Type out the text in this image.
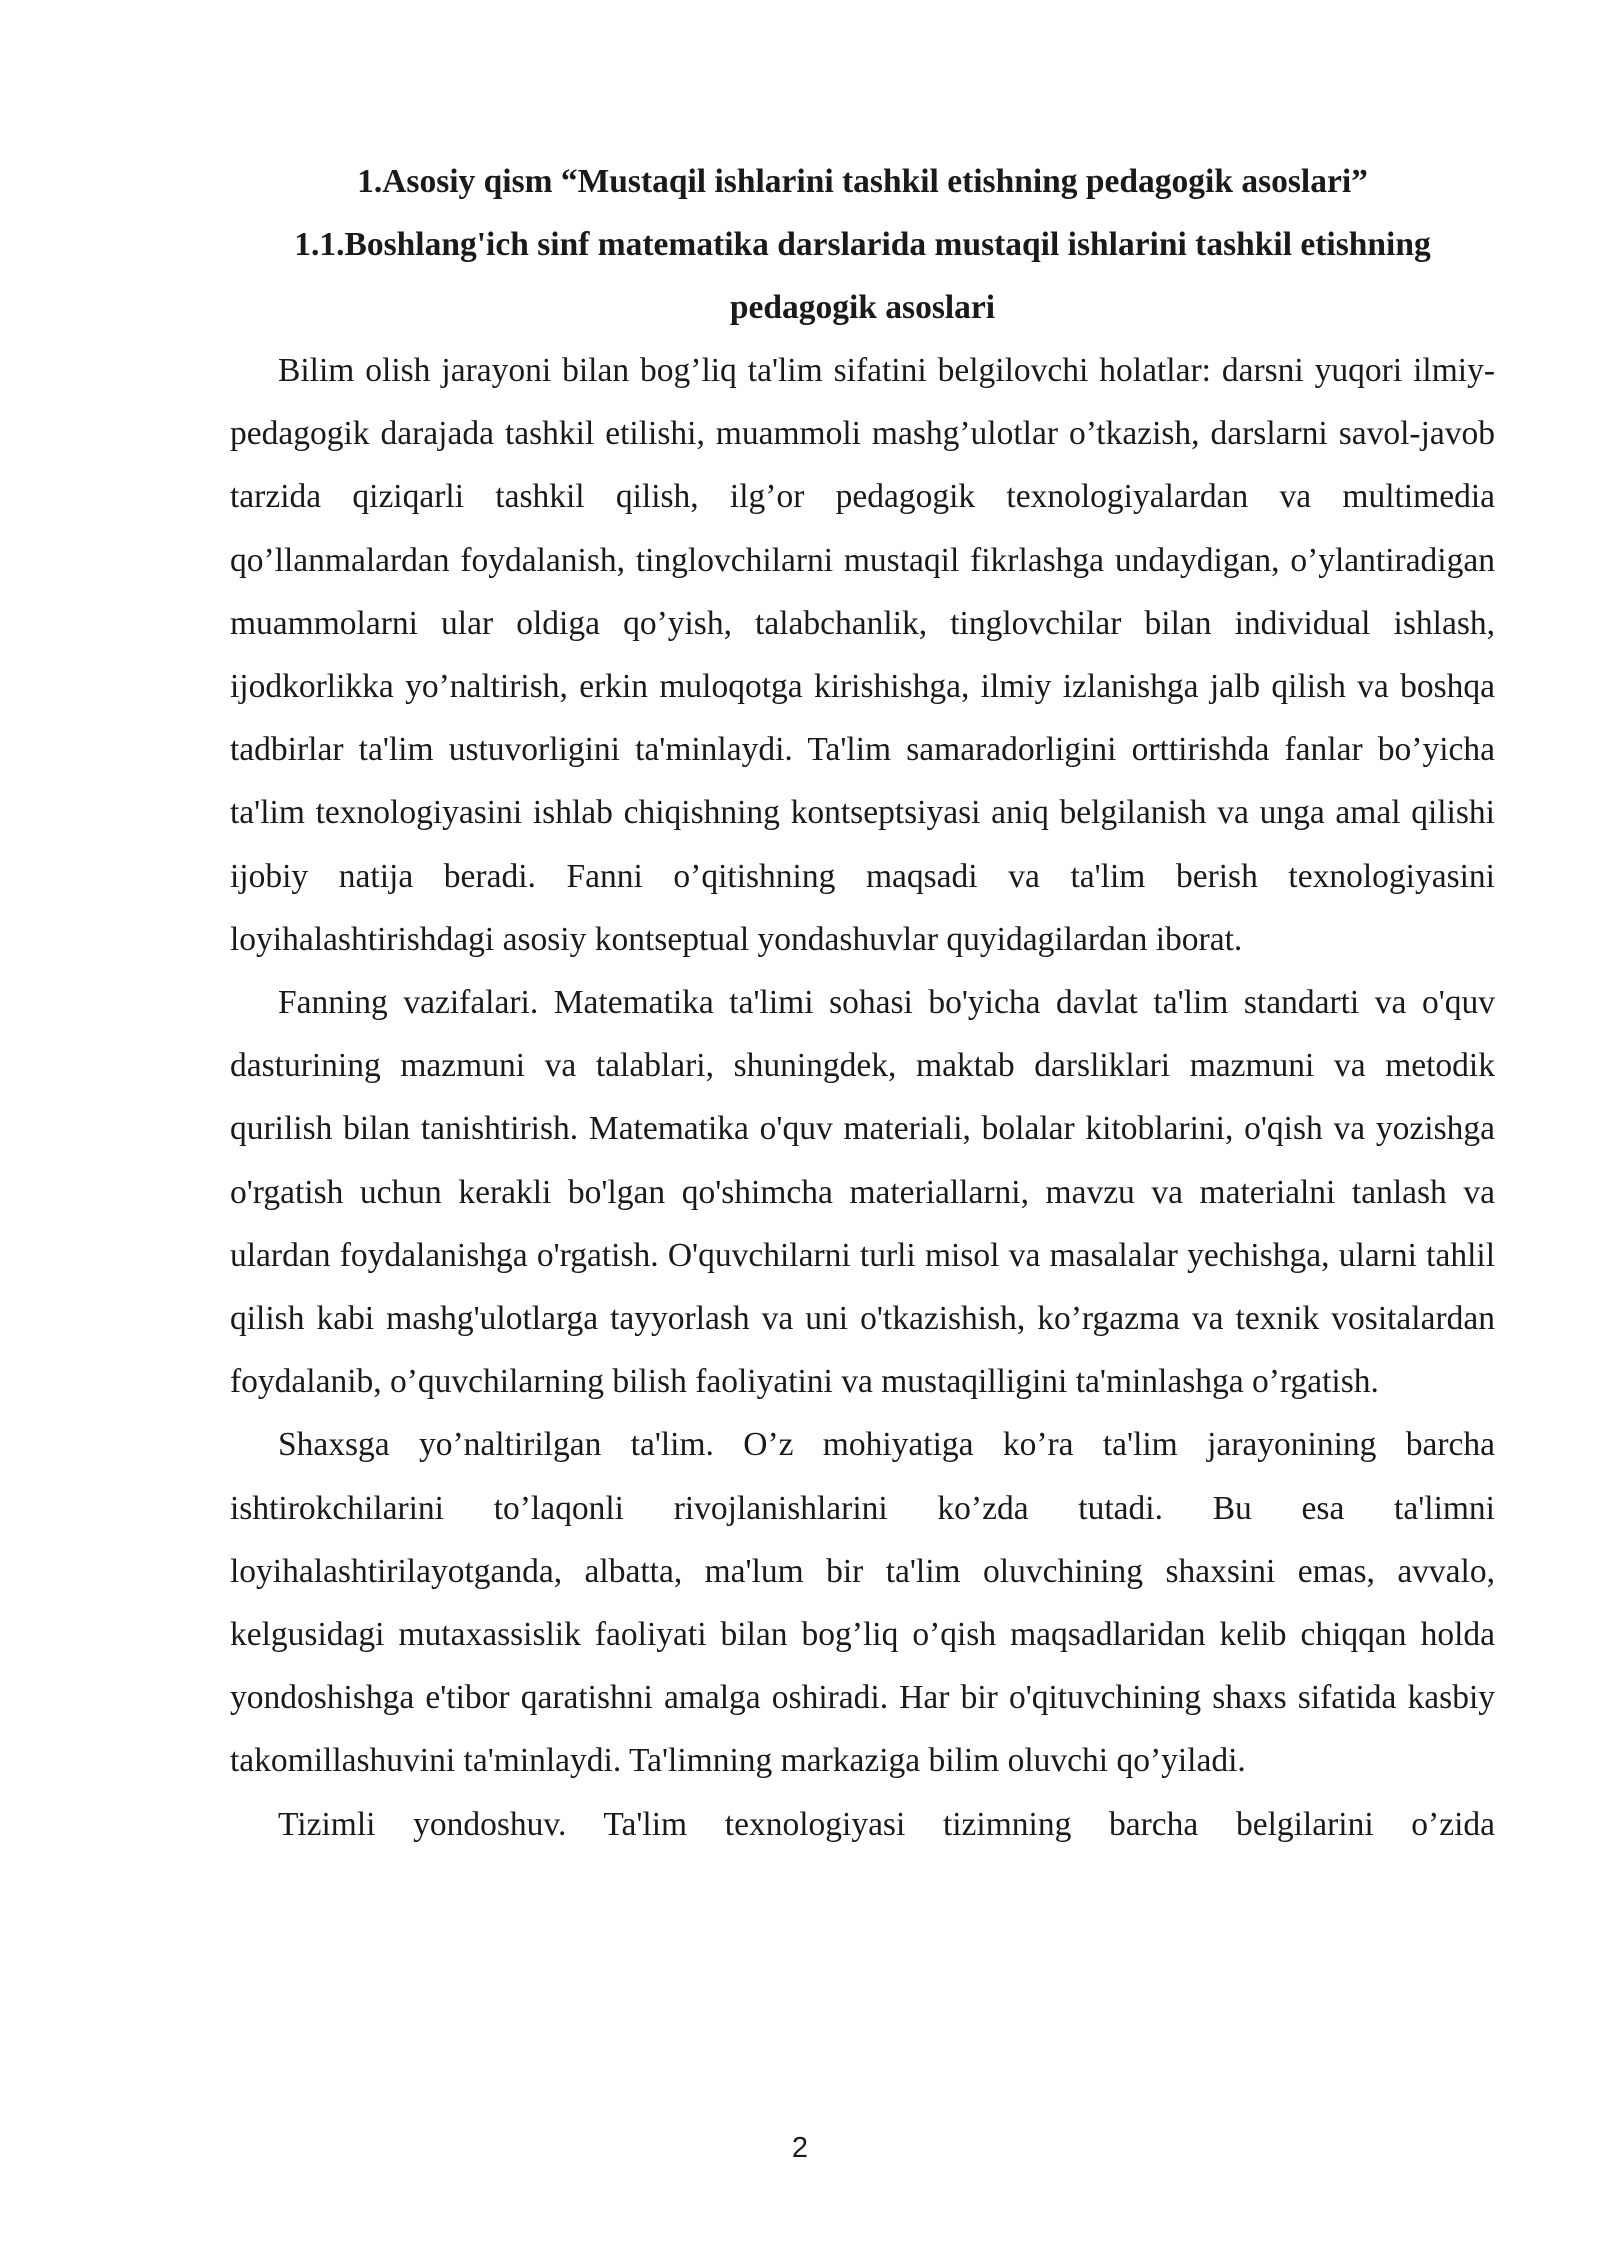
1.Asosiy qism “Mustaqil ishlarini tashkil etishning pedagogik asoslari”

1.1.Boshlang'ich sinf matematika darslarida mustaqil ishlarini tashkil etishning pedagogik asoslari

Bilim olish jarayoni bilan bog’liq ta'lim sifatini belgilovchi holatlar: darsni yuqori ilmiy-pedagogik darajada tashkil etilishi, muammoli mashg’ulotlar o’tkazish, darslarni savol-javob tarzida qiziqarli tashkil qilish, ilg’or pedagogik texnologiyalardan va multimedia qo’llanmalardan foydalanish, tinglovchilarni mustaqil fikrlashga undaydigan, o’ylantiradigan muammolarni ular oldiga qo’yish, talabchanlik, tinglovchilar bilan individual ishlash, ijodkorlikka yo’naltirish, erkin muloqotga kirishishga, ilmiy izlanishga jalb qilish va boshqa tadbirlar ta'lim ustuvorligini ta'minlaydi. Ta'lim samaradorligini orttirishda fanlar bo’yicha ta'lim texnologiyasini ishlab chiqishning kontseptsiyasi aniq belgilanish va unga amal qilishi ijobiy natija beradi. Fanni o’qitishning maqsadi va ta'lim berish texnologiyasini loyihalashtirishdagi asosiy kontseptual yondashuvlar quyidagilardan iborat.

Fanning vazifalari. Matematika ta'limi sohasi bo'yicha davlat ta'lim standarti va o'quv dasturining mazmuni va talablari, shuningdek, maktab darsliklari mazmuni va metodik qurilish bilan tanishtirish. Matematika o'quv materiali, bolalar kitoblarini, o'qish va yozishga o'rgatish uchun kerakli bo'lgan qo'shimcha materiallarni, mavzu va materialni tanlash va ulardan foydalanishga o'rgatish. O'quvchilarni turli misol va masalalar yechishga, ularni tahlil qilish kabi mashg'ulotlarga tayyorlash va uni o'tkazishish, ko’rgazma va texnik vositalardan foydalanib, o’quvchilarning bilish faoliyatini va mustaqilligini ta'minlashga o’rgatish.

Shaxsga yo’naltirilgan ta'lim. O’z mohiyatiga ko’ra ta'lim jarayonining barcha ishtirokchilarini to’laqonli rivojlanishlarini ko’zda tutadi. Bu esa ta'limni loyihalashtirilayotganda, albatta, ma'lum bir ta'lim oluvchining shaxsini emas, avvalo, kelgusidagi mutaxassislik faoliyati bilan bog’liq o’qish maqsadlaridan kelib chiqqan holda yondoshishga e'tibor qaratishni amalga oshiradi. Har bir o'qituvchining shaxs sifatida kasbiy takomillashuvini ta'minlaydi. Ta'limning markaziga bilim oluvchi qo’yiladi.

Tizimli yondoshuv. Ta'lim texnologiyasi tizimning barcha belgilarini o’zida

2
